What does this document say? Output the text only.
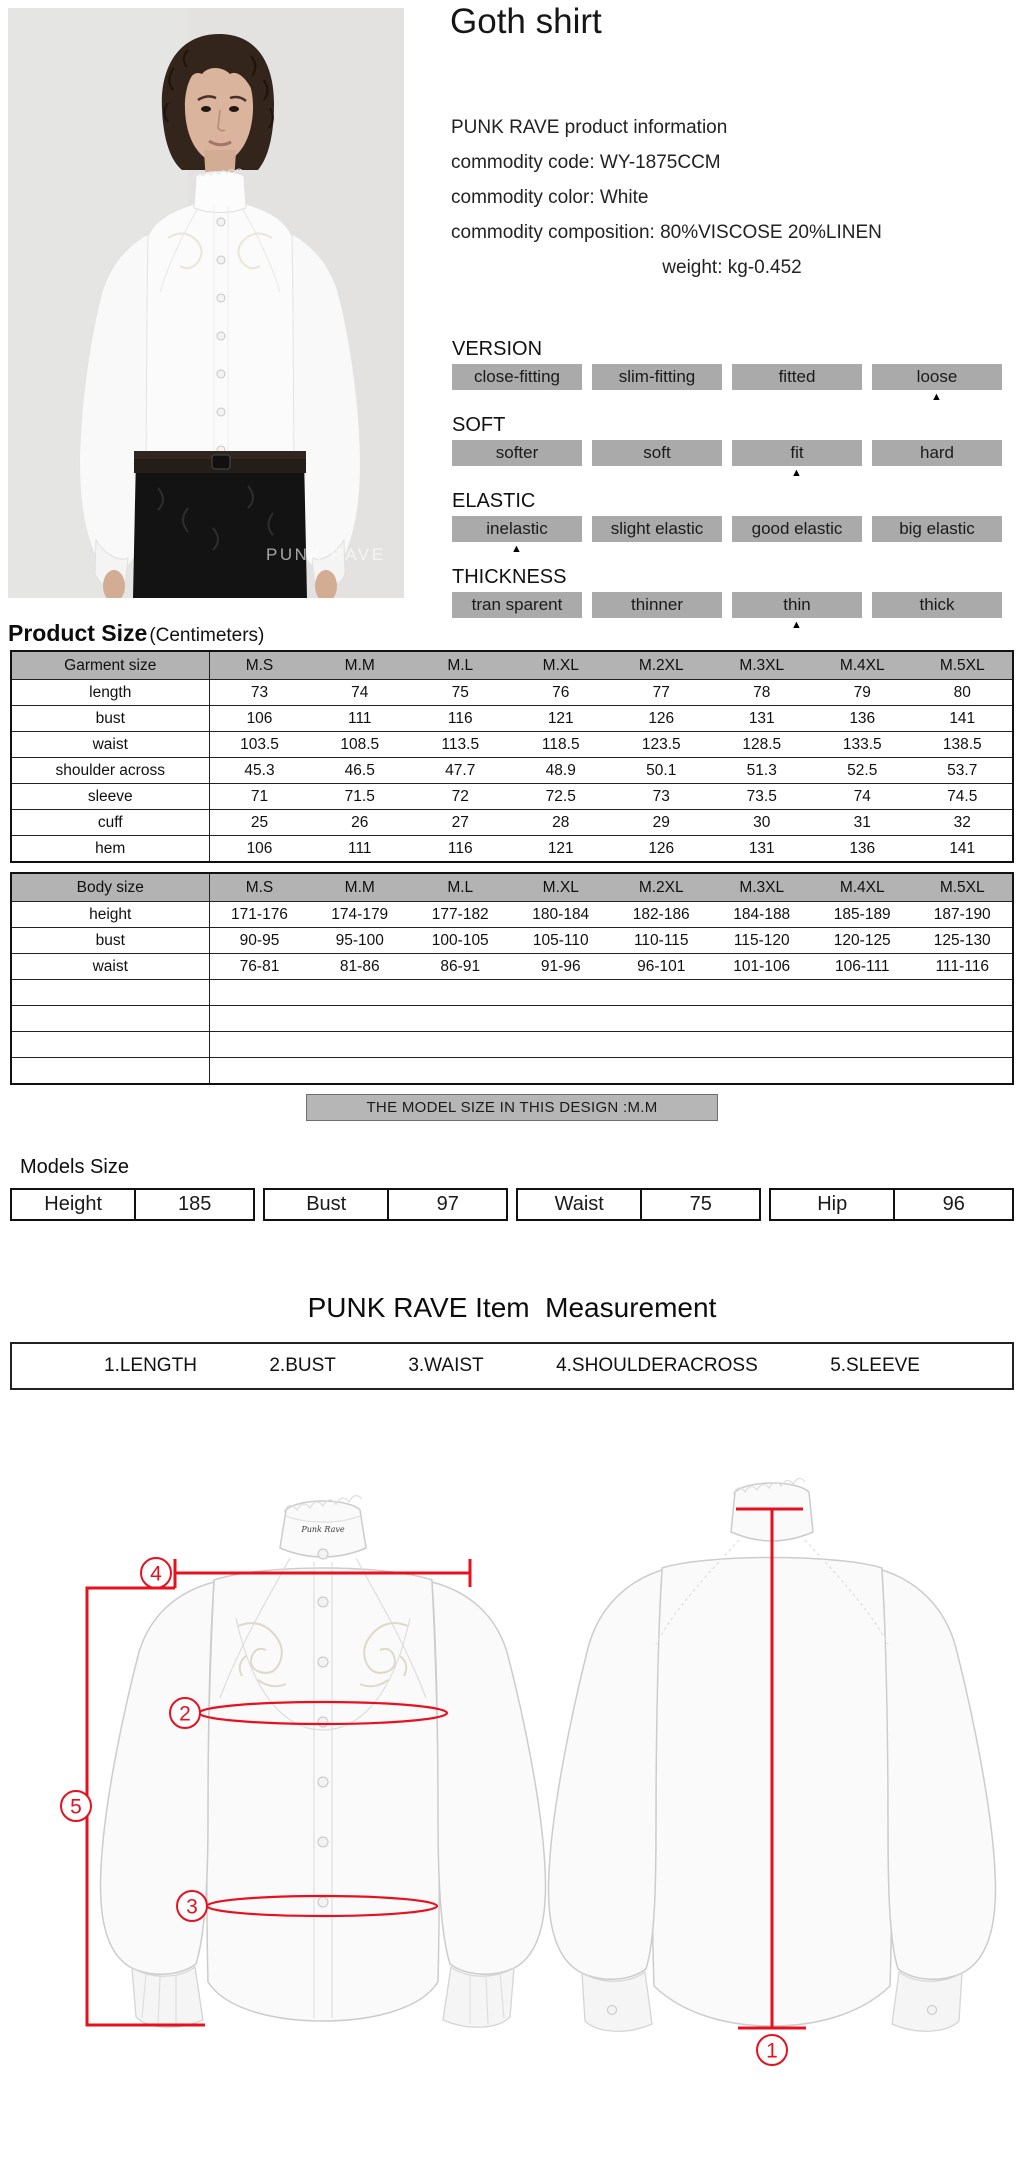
PUNK RAVE
Goth shirt
PUNK RAVE product information
commodity code: WY-1875CCM
commodity color: White
commodity composition: 80%VISCOSE 20%LINEN
weight: kg-0.452
VERSION
close-fitting	slim-fitting	fitted	loose
▲
SOFT
softer	soft	fit	hard
▲
ELASTIC
inelastic	slight elastic	good elastic	big elastic
▲
THICKNESS
tran sparent	thinner	thin	thick
▲
Product Size (Centimeters)
Garment size	M.S	M.M	M.L	M.XL	M.2XL	M.3XL	M.4XL	M.5XL
length	73	74	75	76	77	78	79	80
bust	106	111	116	121	126	131	136	141
waist	103.5	108.5	113.5	118.5	123.5	128.5	133.5	138.5
shoulder across	45.3	46.5	47.7	48.9	50.1	51.3	52.5	53.7
sleeve	71	71.5	72	72.5	73	73.5	74	74.5
cuff	25	26	27	28	29	30	31	32
hem	106	111	116	121	126	131	136	141
Body size	M.S	M.M	M.L	M.XL	M.2XL	M.3XL	M.4XL	M.5XL
height	171-176	174-179	177-182	180-184	182-186	184-188	185-189	187-190
bust	90-95	95-100	100-105	105-110	110-115	115-120	120-125	125-130
waist	76-81	81-86	86-91	91-96	96-101	101-106	106-111	111-116

THE MODEL SIZE IN THIS DESIGN :M.M
Models Size
Height	185	Bust	97	Waist	75	Hip	96
PUNK RAVE Item  Measurement
1.LENGTH	2.BUST	3.WAIST	4.SHOULDERACROSS	5.SLEEVE
Punk Rave
4
5
2
3
1
